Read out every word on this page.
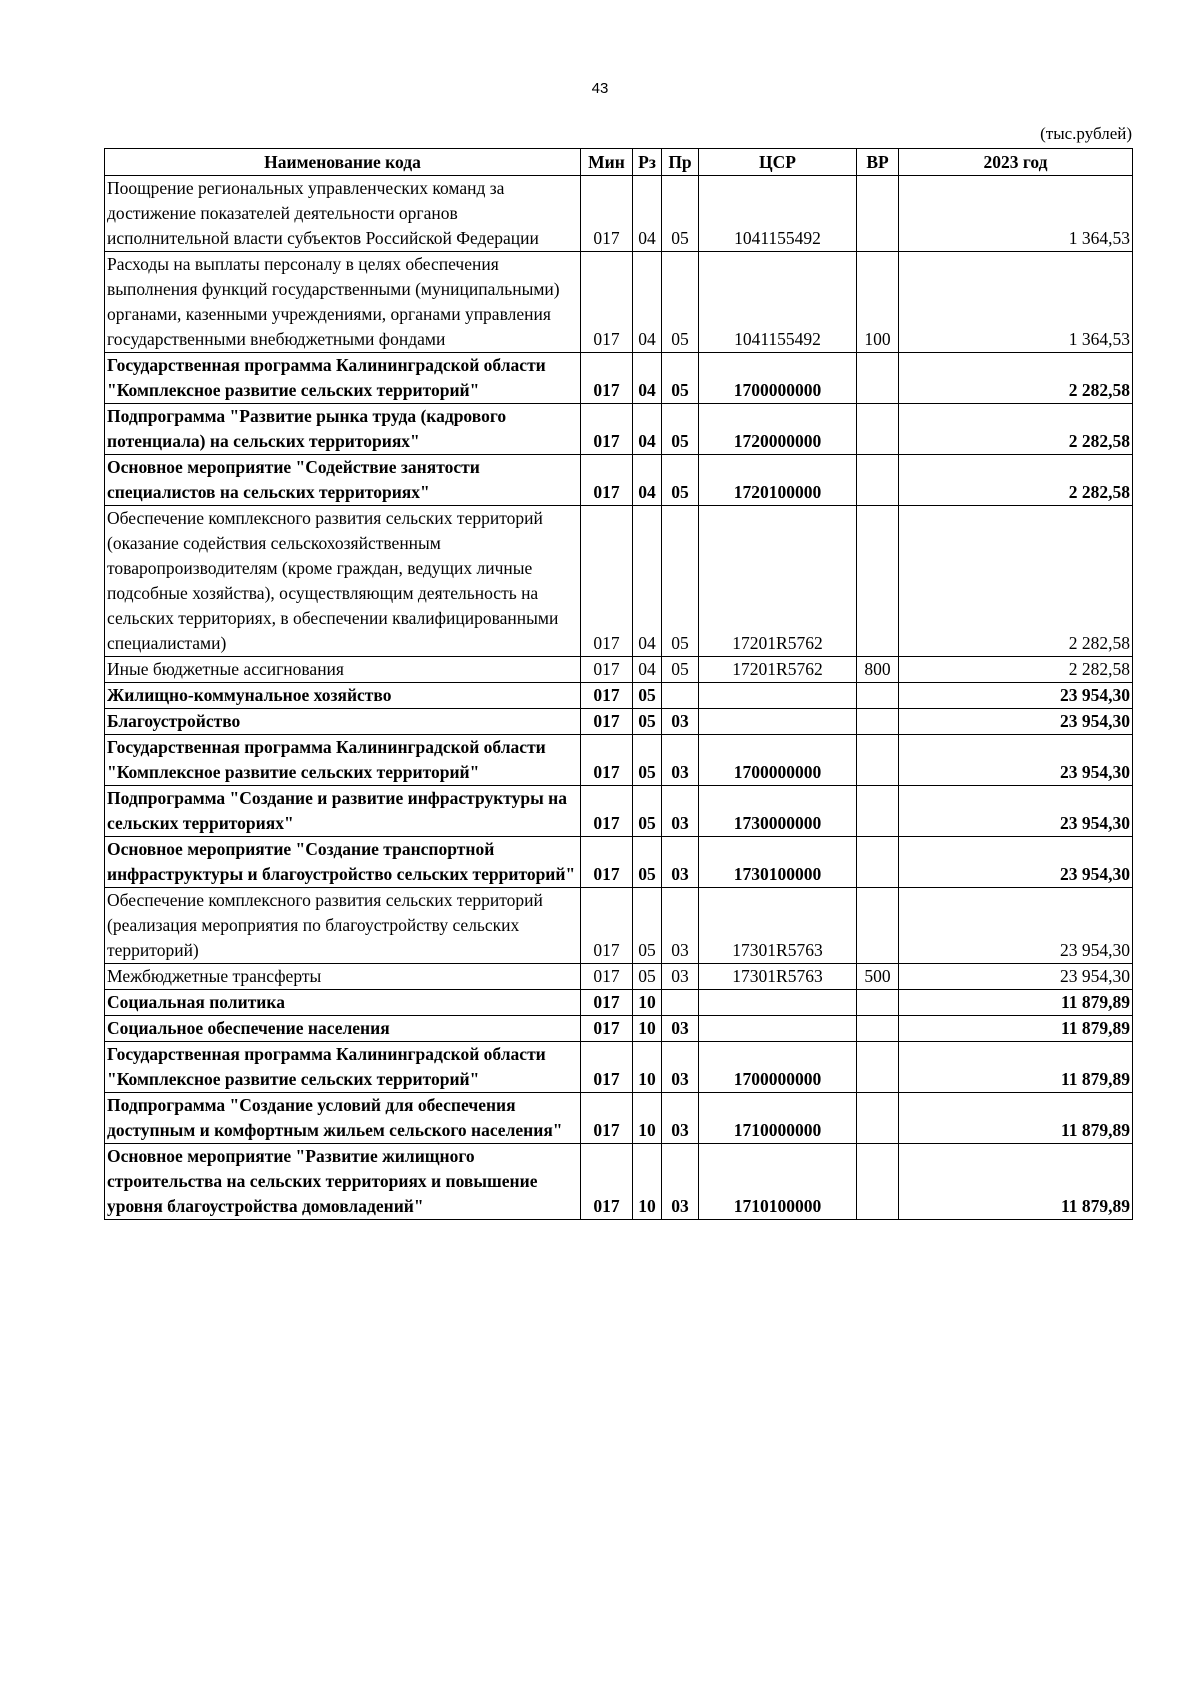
43
(тыс.рублей)
Наименование кода	Мин	Рз	Пр	ЦСР	ВР	2023 год
Поощрение региональных управленческих команд за достижение показателей деятельности органов исполнительной власти субъектов Российской Федерации	017	04	05	1041155492		1 364,53
Расходы на выплаты персоналу в целях обеспечения выполнения функций государственными (муниципальными) органами, казенными учреждениями, органами управления государственными внебюджетными фондами	017	04	05	1041155492	100	1 364,53
Государственная программа Калининградской области "Комплексное развитие сельских территорий"	017	04	05	1700000000		2 282,58
Подпрограмма "Развитие рынка труда (кадрового потенциала) на сельских территориях"	017	04	05	1720000000		2 282,58
Основное мероприятие "Содействие занятости специалистов на сельских территориях"	017	04	05	1720100000		2 282,58
Обеспечение комплексного развития сельских территорий (оказание содействия сельскохозяйственным товаропроизводителям (кроме граждан, ведущих личные подсобные хозяйства), осуществляющим деятельность на сельских территориях, в обеспечении квалифицированными специалистами)	017	04	05	17201R5762		2 282,58
Иные бюджетные ассигнования	017	04	05	17201R5762	800	2 282,58
Жилищно-коммунальное хозяйство	017	05				23 954,30
Благоустройство	017	05	03			23 954,30
Государственная программа Калининградской области "Комплексное развитие сельских территорий"	017	05	03	1700000000		23 954,30
Подпрограмма "Создание и развитие инфраструктуры на сельских территориях"	017	05	03	1730000000		23 954,30
Основное мероприятие "Создание транспортной инфраструктуры и благоустройство сельских территорий"	017	05	03	1730100000		23 954,30
Обеспечение комплексного развития сельских территорий (реализация мероприятия по благоустройству сельских территорий)	017	05	03	17301R5763		23 954,30
Межбюджетные трансферты	017	05	03	17301R5763	500	23 954,30
Социальная политика	017	10				11 879,89
Социальное обеспечение населения	017	10	03			11 879,89
Государственная программа Калининградской области "Комплексное развитие сельских территорий"	017	10	03	1700000000		11 879,89
Подпрограмма "Создание условий для обеспечения доступным и комфортным жильем сельского населения"	017	10	03	1710000000		11 879,89
Основное мероприятие "Развитие жилищного строительства на сельских территориях и повышение уровня благоустройства домовладений"	017	10	03	1710100000		11 879,89
